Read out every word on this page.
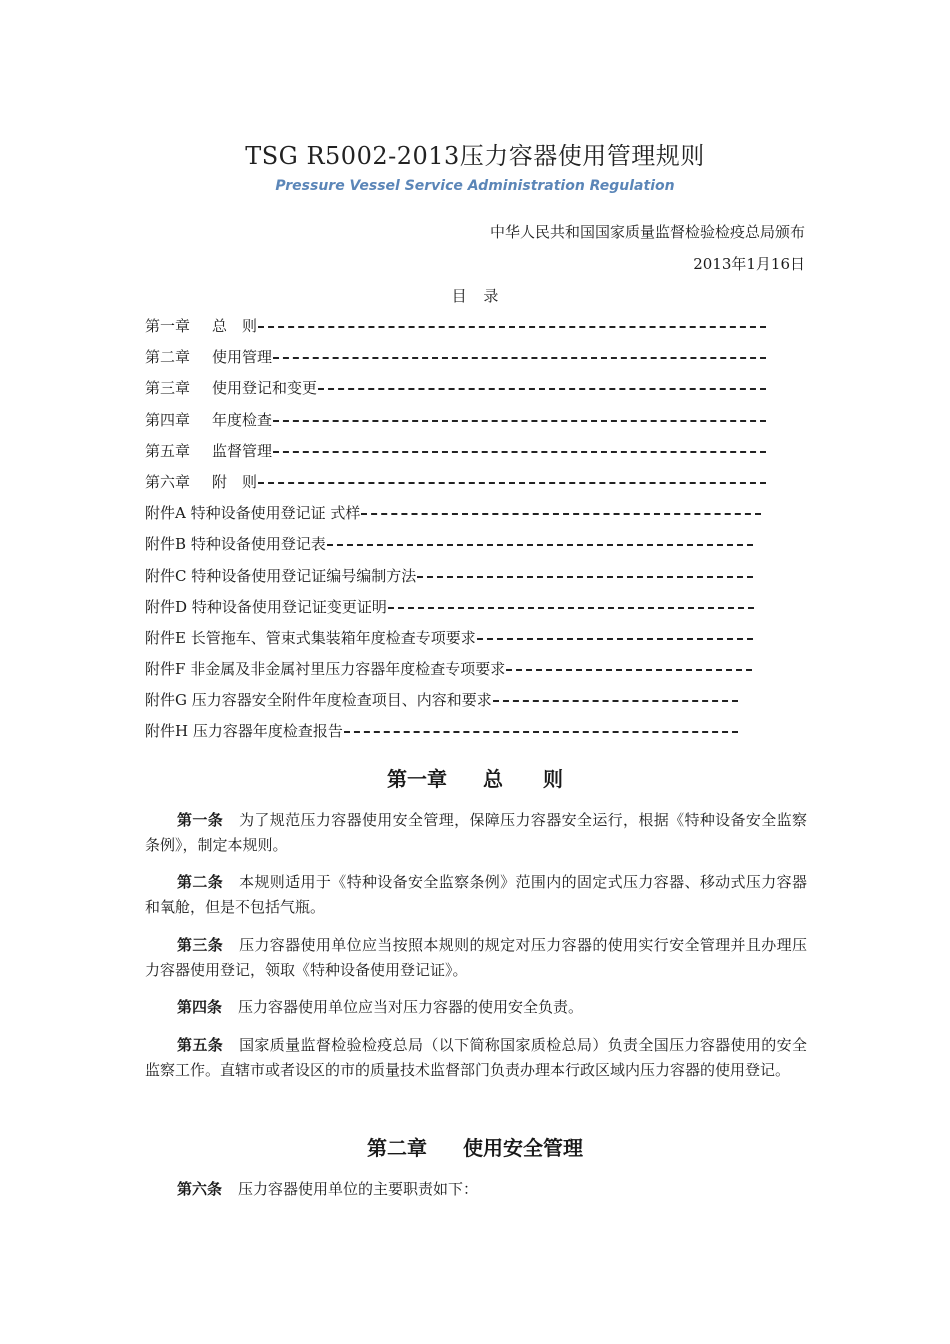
TSG R5002-2013压力容器使用管理规则
Pressure Vessel Service Administration Regulation
中华人民共和国国家质量监督检验检疫总局颁布
2013年1月16日
目 录
第一章 总　则
第二章 使用管理
第三章 使用登记和变更
第四章 年度检查
第五章 监督管理
第六章 附　则
附件A 特种设备使用登记证 式样
附件B 特种设备使用登记表
附件C 特种设备使用登记证编号编制方法
附件D 特种设备使用登记证变更证明
附件E 长管拖车、管束式集装箱年度检查专项要求
附件F 非金属及非金属衬里压力容器年度检查专项要求
附件G 压力容器安全附件年度检查项目、内容和要求
附件H 压力容器年度检查报告
第一章 总　　则
第一条 为了规范压力容器使用安全管理，保障压力容器安全运行，根据《特种设备安全监察条例》，制定本规则。
第二条 本规则适用于《特种设备安全监察条例》范围内的固定式压力容器、移动式压力容器和氧舱，但是不包括气瓶。
第三条 压力容器使用单位应当按照本规则的规定对压力容器的使用实行安全管理并且办理压力容器使用登记，领取《特种设备使用登记证》。
第四条 压力容器使用单位应当对压力容器的使用安全负责。
第五条 国家质量监督检验检疫总局（以下简称国家质检总局）负责全国压力容器使用的安全监察工作。直辖市或者设区的市的质量技术监督部门负责办理本行政区域内压力容器的使用登记。
第二章 使用安全管理
第六条 压力容器使用单位的主要职责如下：
